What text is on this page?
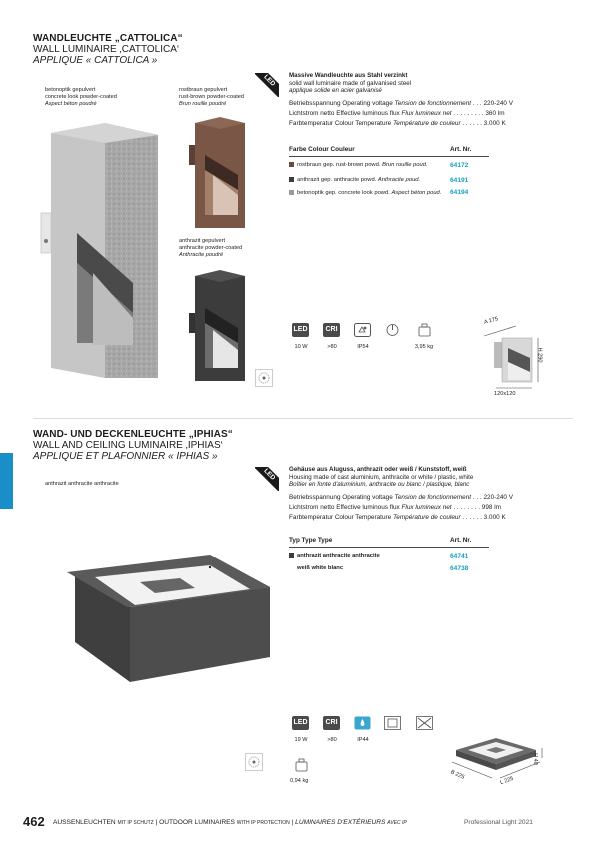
WANDLEUCHTE „CATTOLICA“
WALL LUMINAIRE ‚CATTOLICA‘
APPLIQUE « CATTOLICA »
LED
betonoptik gepulvert
concrete look powder-coated
Aspect béton poudré
rostbraun gepulvert
rust-brown powder-coated
Brun rouille poudré
anthrazit gepulvert
anthracite powder-coated
Anthracite poudré
Massive Wandleuchte aus Stahl verzinkt
solid wall luminaire made of galvanised steel
applique solide en acier galvanisé
Betriebsspannung Operating voltage Tension de fonctionnement . . . 220-240 V
Lichtstrom netto Effective luminous flux Flux lumineux net . . . . . . . . . 360 lm
Farbtemperatur Colour Temperature Température de couleur . . . . . . 3.000 K
Farbe Colour Couleur	Art. Nr.
rostbraun gep. rust-brown powd. Brun rouille poud.	64172
anthrazit gep. anthracite powd. Anthracite poud.	64191
betonoptik gep. concrete look powd. Aspect béton poud. 64194
LED	CRI
10 W	>80	IP54	3,95 kg
A 175
H 290
120x120
WAND- UND DECKENLEUCHTE „IPHIAS“
WALL AND CEILING LUMINAIRE ‚IPHIAS‘
APPLIQUE ET PLAFONNIER « IPHIAS »
LED
anthrazit anthracite anthracite
Gehäuse aus Aluguss, anthrazit oder weiß / Kunststoff, weiß
Housing made of cast aluminium, anthracite or white / plastic, white
Boîtier en fonte d'aluminium, anthracite ou blanc / plastique, blanc
Betriebsspannung Operating voltage Tension de fonctionnement . . . 220-240 V
Lichtstrom netto Effective luminous flux Flux lumineux net . . . . . . . . 998 lm
Farbtemperatur Colour Temperature Température de couleur . . . . . . 3.000 K
Typ Type Type	Art. Nr.
anthrazit anthracite anthracite	64741
weiß white blanc	64738
LED	CRI
19 W	>80	IP44
0,94 kg
B 225
L 225
H 40
462 AUSSENLEUCHTEN MIT IP SCHUTZ | OUTDOOR LUMINAIRES WITH IP PROTECTION | LUMINAIRES D'EXTÉRIEURS AVEC IP	Professional Light 2021
